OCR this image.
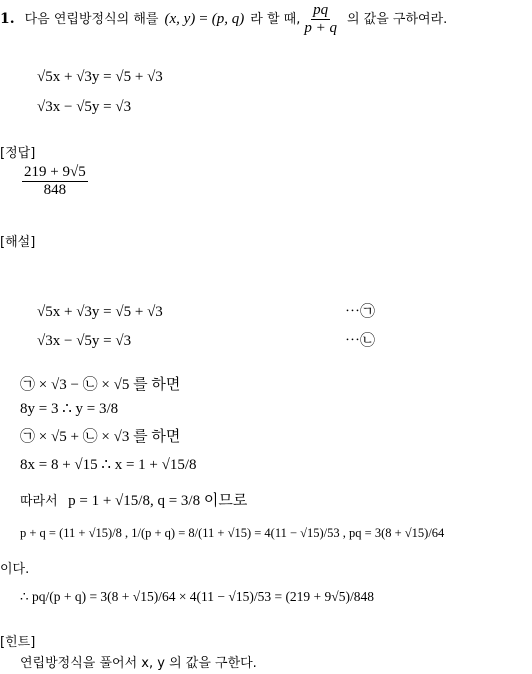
1. 다음 연립방정식의 해를 (x, y) = (p, q) 라 할 때, $\frac{pq}{p + q}$ 의 값을 구하여라.
√5x + √3y = √5 + √3
√3x − √5y = √3
[정답]
$\frac{219 + 9√5}{848}$
[해설]
√5x + √3y = √5 + √3	⋯㉠
√3x − √5y = √3	⋯㉡
㉠ × √3 − ㉡ × √5 를 하면
8y = 3 ∴ y = 3/8
㉠ × √5 + ㉡ × √3 를 하면
8x = 8 + √15 ∴ x = 1 + √15/8
따라서 p = 1 + √15/8, q = 3/8 이므로
p + q = (11 + √15)/8 , 1/(p + q) = 8/(11 + √15) = 4(11 − √15)/53 , pq = 3(8 + √15)/64
이다.
∴ pq/(p + q) = 3(8 + √15)/64 × 4(11 − √15)/53 = (219 + 9√5)/848
[힌트]
연립방정식을 풀어서 x, y 의 값을 구한다.
